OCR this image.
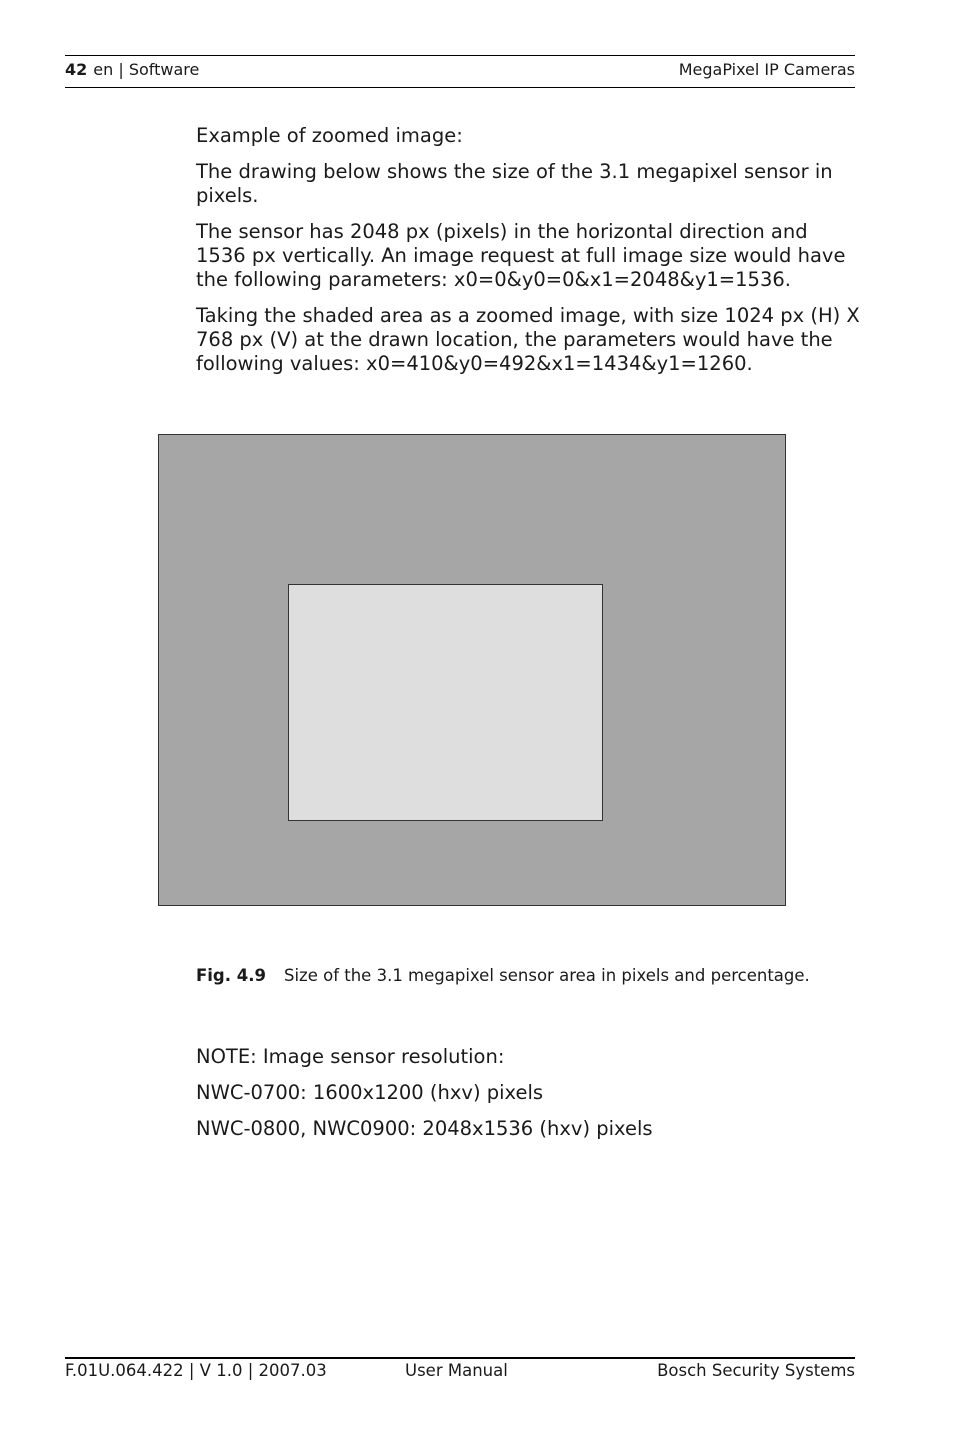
42 en | Software	MegaPixel IP Cameras

Example of zoomed image:

The drawing below shows the size of the 3.1 megapixel sensor in pixels.

The sensor has 2048 px (pixels) in the horizontal direction and 1536 px vertically. An image request at full image size would have the following parameters: x0=0&y0=0&x1=2048&y1=1536.

Taking the shaded area as a zoomed image, with size 1024 px (H) X 768 px (V) at the drawn location, the parameters would have the following values: x0=410&y0=492&x1=1434&y1=1260.

Fig. 4.9 Size of the 3.1 megapixel sensor area in pixels and percentage.

NOTE: Image sensor resolution:

NWC-0700: 1600x1200 (hxv) pixels

NWC-0800, NWC0900: 2048x1536 (hxv) pixels

F.01U.064.422 | V 1.0 | 2007.03	User Manual	Bosch Security Systems
